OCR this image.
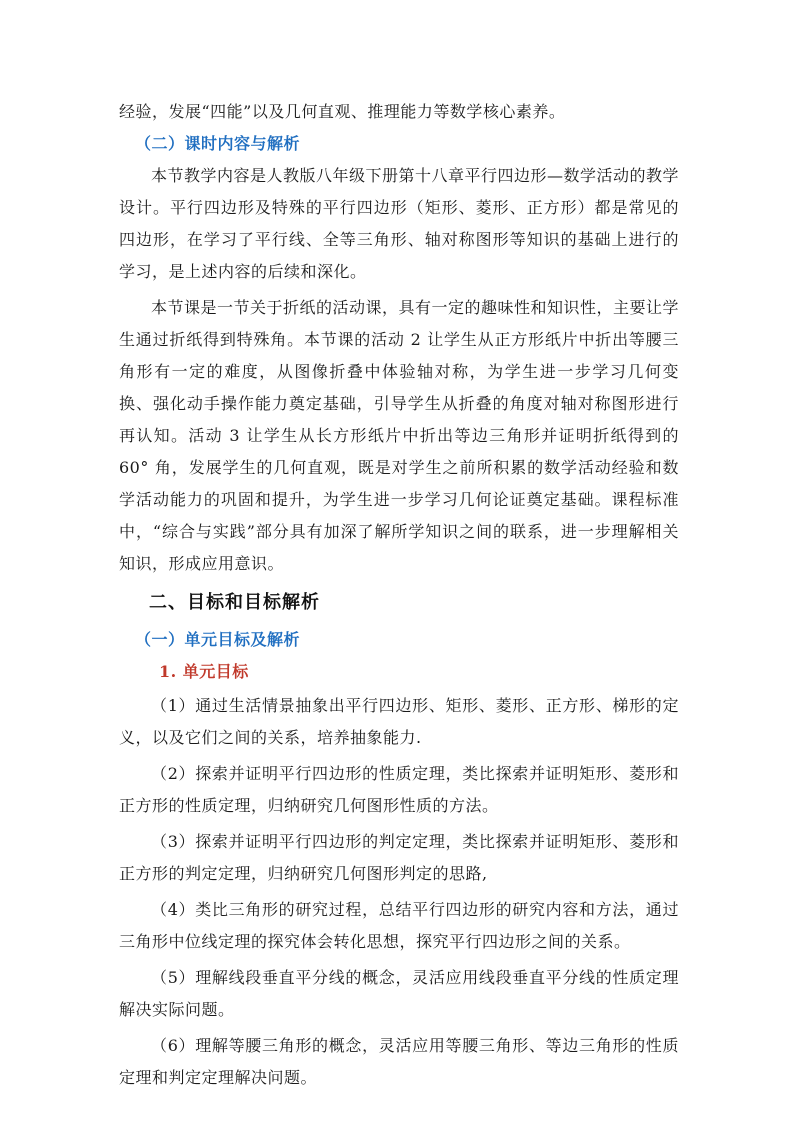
经验，发展“四能”以及几何直观、推理能力等数学核心素养。

（二）课时内容与解析

本节教学内容是人教版八年级下册第十八章平行四边形—数学活动的教学设计。平行四边形及特殊的平行四边形（矩形、菱形、正方形）都是常见的四边形，在学习了平行线、全等三角形、轴对称图形等知识的基础上进行的学习，是上述内容的后续和深化。

本节课是一节关于折纸的活动课，具有一定的趣味性和知识性，主要让学生通过折纸得到特殊角。本节课的活动 2 让学生从正方形纸片中折出等腰三角形有一定的难度，从图像折叠中体验轴对称，为学生进一步学习几何变换、强化动手操作能力奠定基础，引导学生从折叠的角度对轴对称图形进行再认知。活动 3 让学生从长方形纸片中折出等边三角形并证明折纸得到的 60° 角，发展学生的几何直观，既是对学生之前所积累的数学活动经验和数学活动能力的巩固和提升，为学生进一步学习几何论证奠定基础。课程标准中，“综合与实践”部分具有加深了解所学知识之间的联系，进一步理解相关知识，形成应用意识。

二、目标和目标解析

（一）单元目标及解析

1. 单元目标

（1）通过生活情景抽象出平行四边形、矩形、菱形、正方形、梯形的定义，以及它们之间的关系，培养抽象能力.

（2）探索并证明平行四边形的性质定理，类比探索并证明矩形、菱形和正方形的性质定理，归纳研究几何图形性质的方法。

（3）探索并证明平行四边形的判定定理，类比探索并证明矩形、菱形和正方形的判定定理，归纳研究几何图形判定的思路,

（4）类比三角形的研究过程，总结平行四边形的研究内容和方法，通过三角形中位线定理的探究体会转化思想，探究平行四边形之间的关系。

（5）理解线段垂直平分线的概念，灵活应用线段垂直平分线的性质定理解决实际问题。

（6）理解等腰三角形的概念，灵活应用等腰三角形、等边三角形的性质定理和判定定理解决问题。
